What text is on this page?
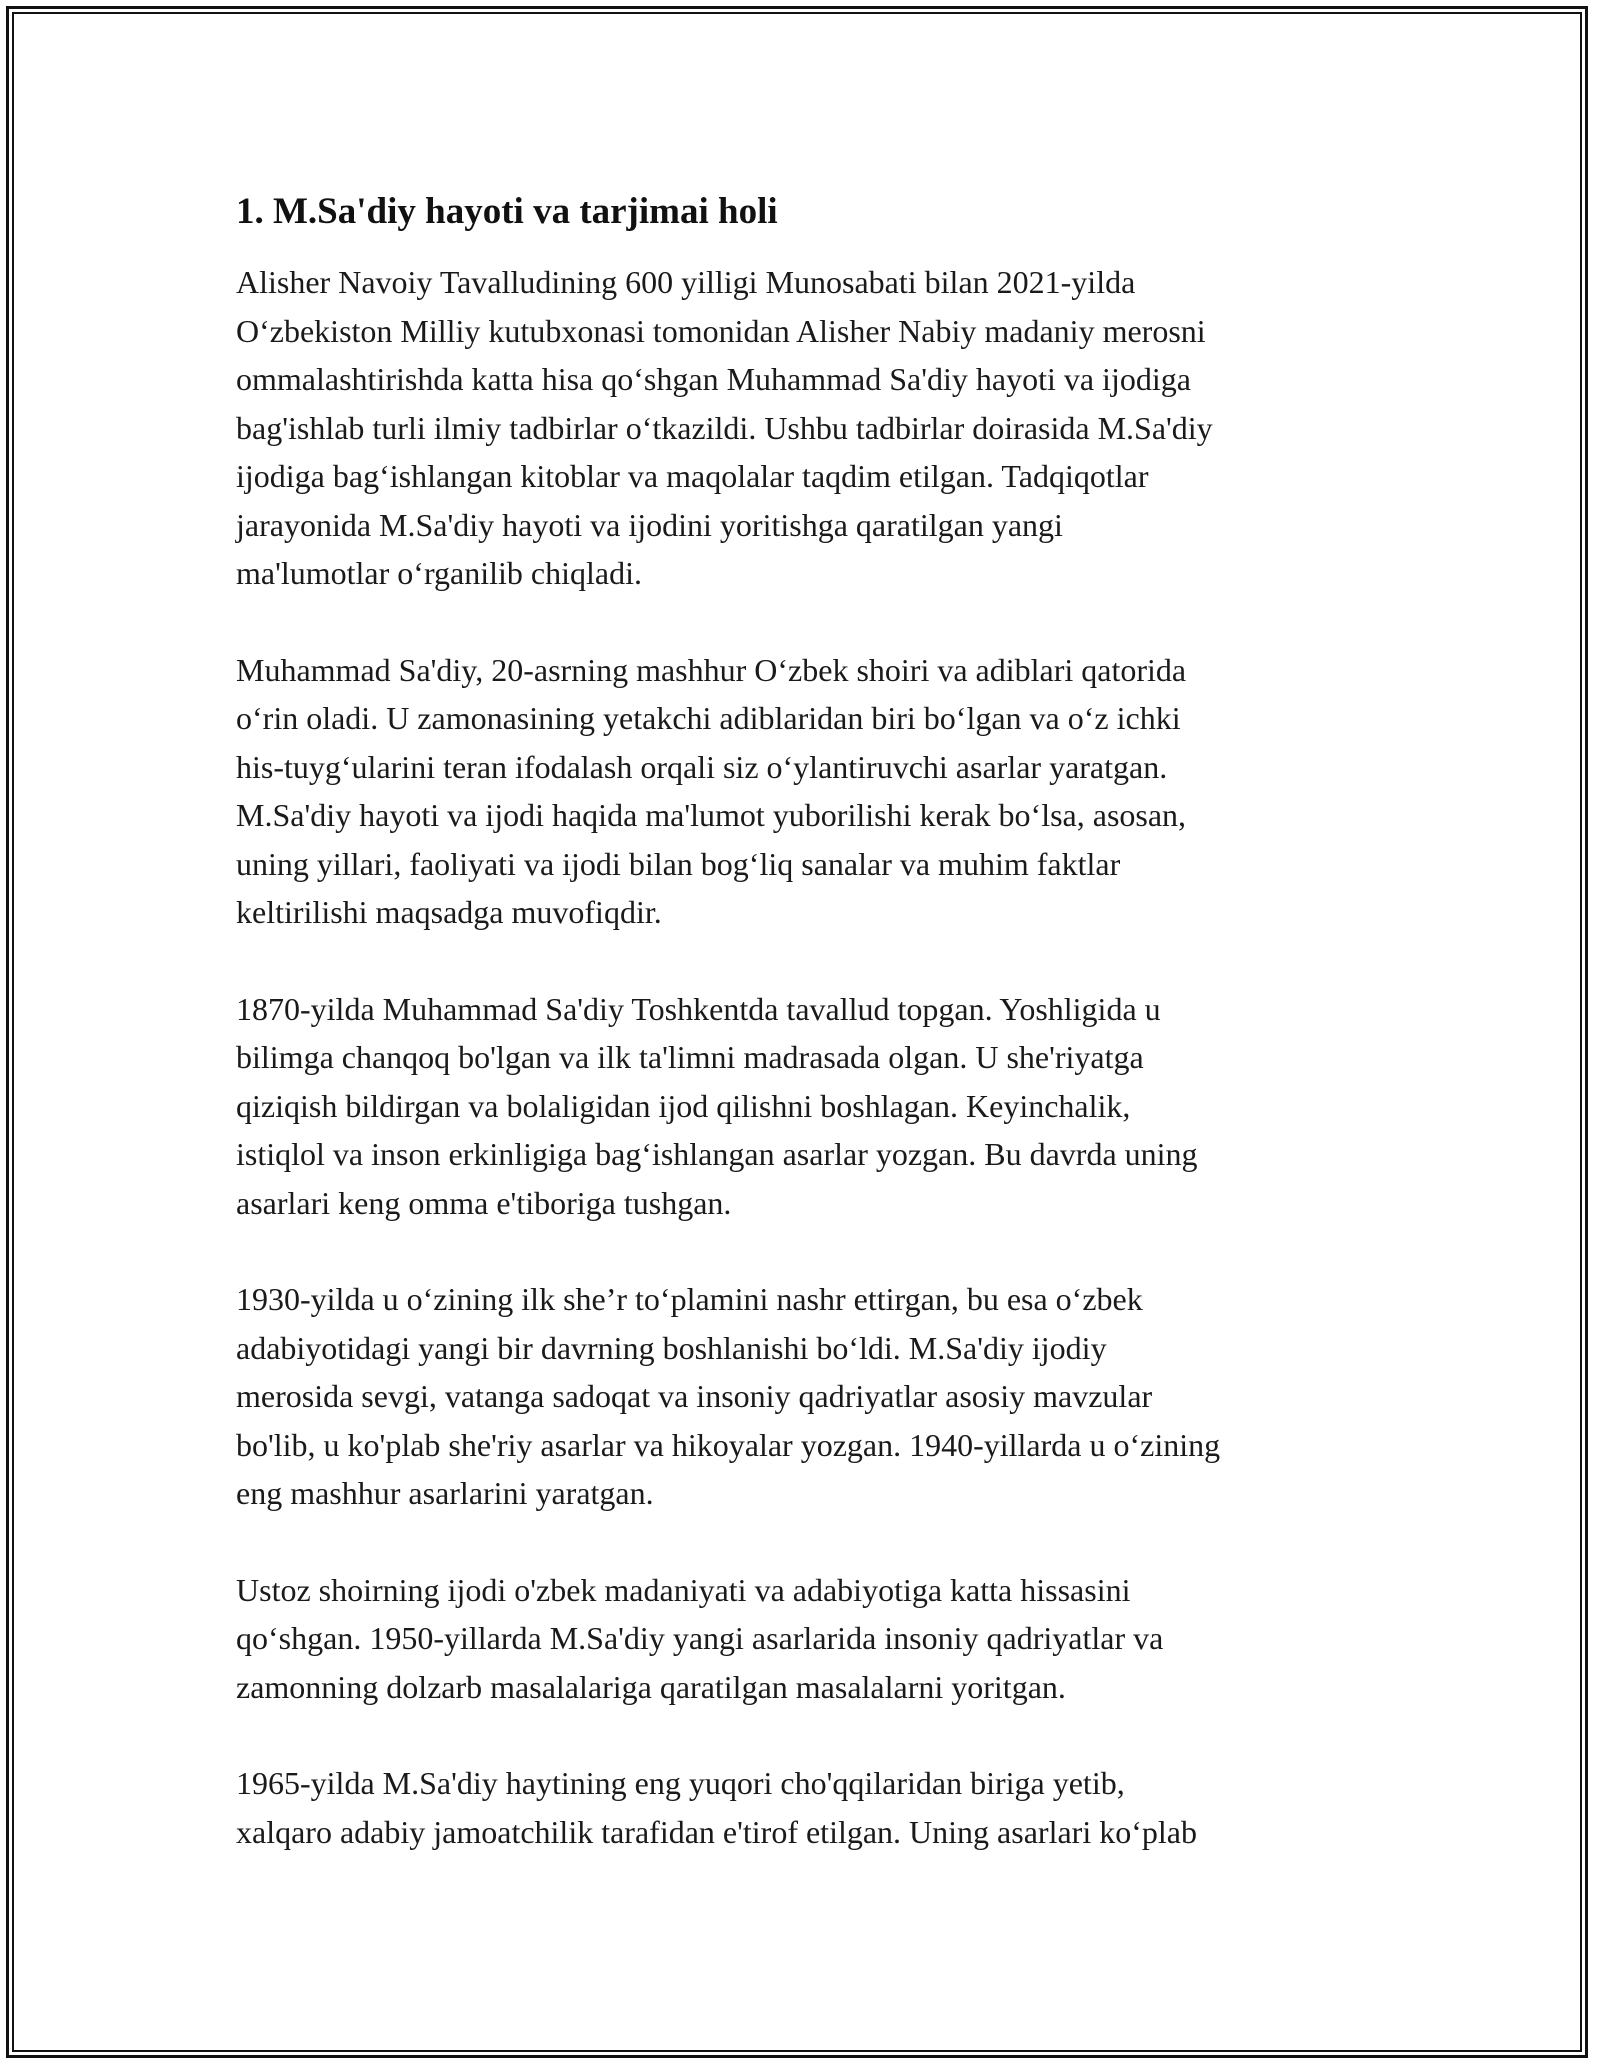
1. M.Sa'diy hayoti va tarjimai holi

Alisher Navoiy Tavalludining 600 yilligi Munosabati bilan 2021-yilda
O‘zbekiston Milliy kutubxonasi tomonidan Alisher Nabiy madaniy merosni
ommalashtirishda katta hisa qo‘shgan Muhammad Sa'diy hayoti va ijodiga
bag'ishlab turli ilmiy tadbirlar o‘tkazildi. Ushbu tadbirlar doirasida M.Sa'diy
ijodiga bag‘ishlangan kitoblar va maqolalar taqdim etilgan. Tadqiqotlar
jarayonida M.Sa'diy hayoti va ijodini yoritishga qaratilgan yangi
ma'lumotlar o‘rganilib chiqladi.

Muhammad Sa'diy, 20-asrning mashhur O‘zbek shoiri va adiblari qatorida
o‘rin oladi. U zamonasining yetakchi adiblaridan biri bo‘lgan va o‘z ichki
his-tuyg‘ularini teran ifodalash orqali siz o‘ylantiruvchi asarlar yaratgan.
M.Sa'diy hayoti va ijodi haqida ma'lumot yuborilishi kerak bo‘lsa, asosan,
uning yillari, faoliyati va ijodi bilan bog‘liq sanalar va muhim faktlar
keltirilishi maqsadga muvofiqdir.

1870-yilda Muhammad Sa'diy Toshkentda tavallud topgan. Yoshligida u
bilimga chanqoq bo'lgan va ilk ta'limni madrasada olgan. U she'riyatga
qiziqish bildirgan va bolaligidan ijod qilishni boshlagan. Keyinchalik,
istiqlol va inson erkinligiga bag‘ishlangan asarlar yozgan. Bu davrda uning
asarlari keng omma e'tiboriga tushgan.

1930-yilda u o‘zining ilk she’r to‘plamini nashr ettirgan, bu esa o‘zbek
adabiyotidagi yangi bir davrning boshlanishi bo‘ldi. M.Sa'diy ijodiy
merosida sevgi, vatanga sadoqat va insoniy qadriyatlar asosiy mavzular
bo'lib, u ko'plab she'riy asarlar va hikoyalar yozgan. 1940-yillarda u o‘zining
eng mashhur asarlarini yaratgan.

Ustoz shoirning ijodi o'zbek madaniyati va adabiyotiga katta hissasini
qo‘shgan. 1950-yillarda M.Sa'diy yangi asarlarida insoniy qadriyatlar va
zamonning dolzarb masalalariga qaratilgan masalalarni yoritgan.

1965-yilda M.Sa'diy haytining eng yuqori cho'qqilaridan biriga yetib,
xalqaro adabiy jamoatchilik tarafidan e'tirof etilgan. Uning asarlari ko‘plab
